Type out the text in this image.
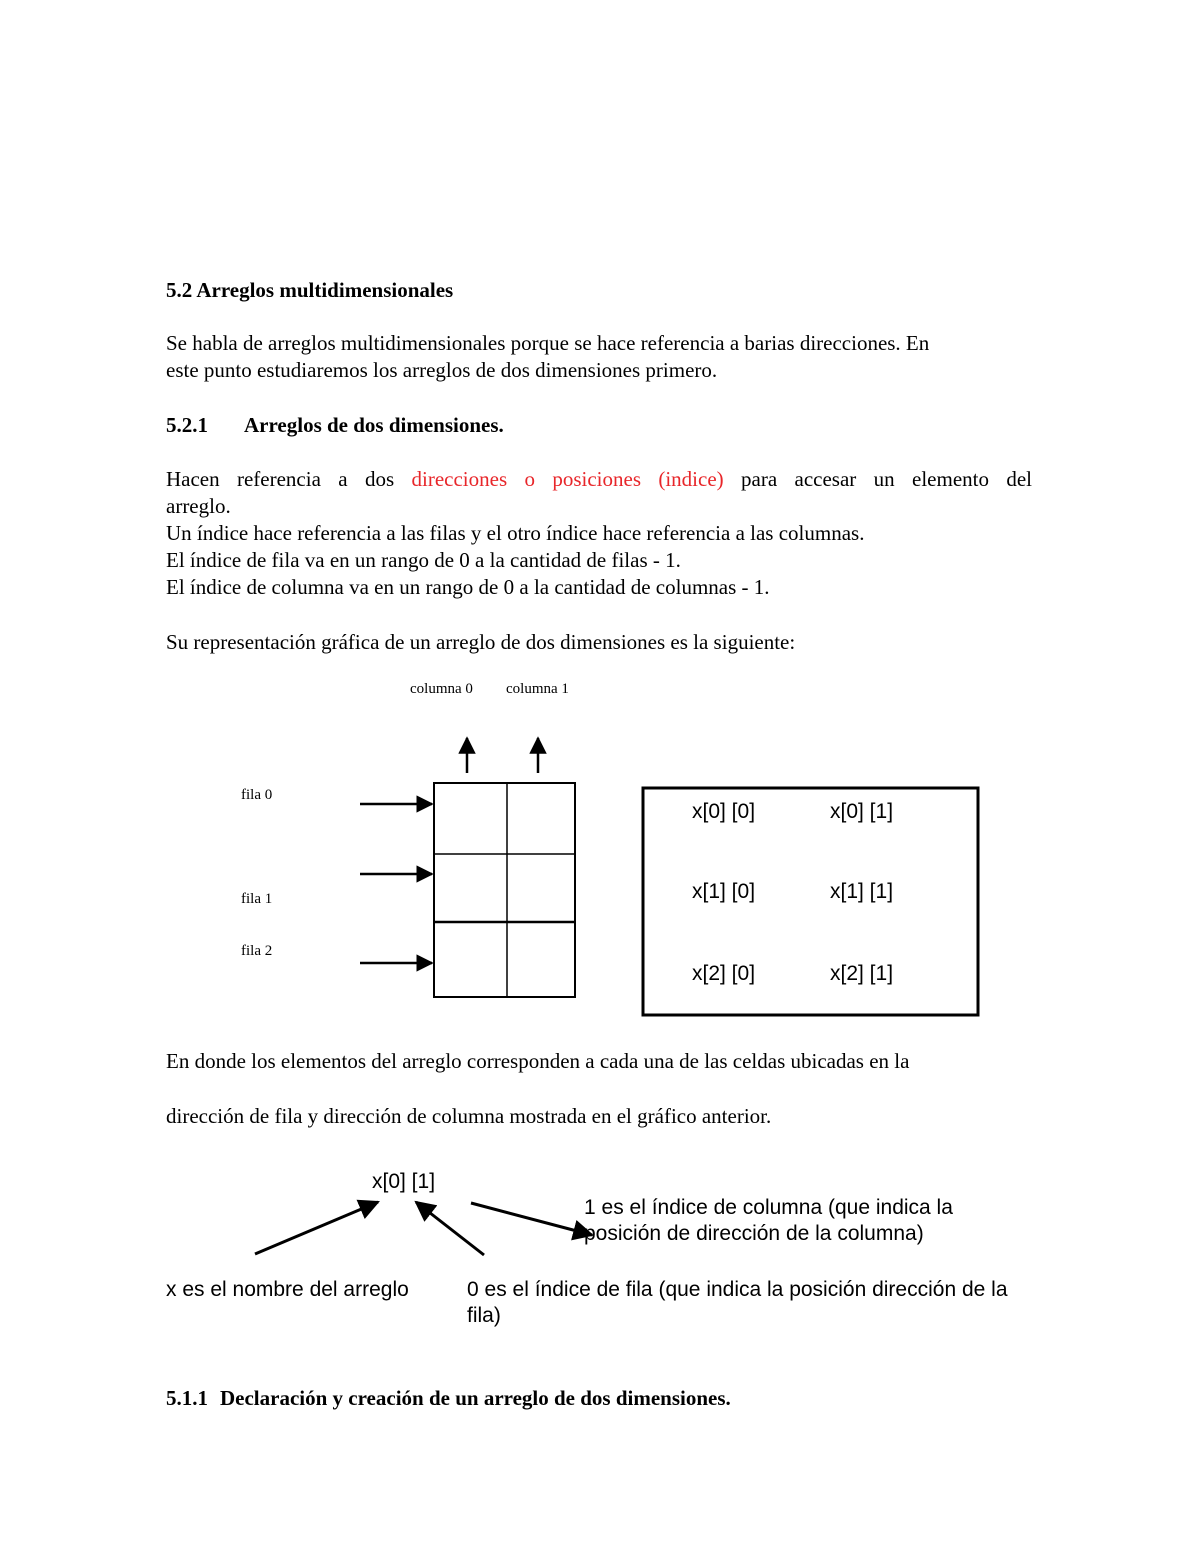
5.2 Arreglos multidimensionales
Se habla de arreglos multidimensionales porque se hace referencia a barias direcciones. En
este punto estudiaremos los arreglos de dos dimensiones primero.
5.2.1 Arreglos de dos dimensiones.
Hacen referencia a dos direcciones o posiciones (indice) para accesar un elemento del
arreglo.
Un índice hace referencia a las filas y el otro índice hace referencia a las columnas.
El índice de fila va en un rango de 0 a la cantidad de filas - 1.
El índice de columna va en un rango de 0 a la cantidad de columnas - 1.
Su representación gráfica de un arreglo de dos dimensiones es la siguiente:
columna 0 columna 1
fila 0
fila 1
fila 2
x[0] [0]	x[0] [1]
x[1] [0]	x[1] [1]
x[2] [0]	x[2] [1]
En donde los elementos del arreglo corresponden a cada una de las celdas ubicadas en la
dirección de fila y dirección de columna mostrada en el gráfico anterior.
x[0] [1]
1 es el índice de columna (que indica la
posición de dirección de la columna)
x es el nombre del arreglo	0 es el índice de fila (que indica la posición dirección de la
fila)
5.1.1 Declaración y creación de un arreglo de dos dimensiones.
